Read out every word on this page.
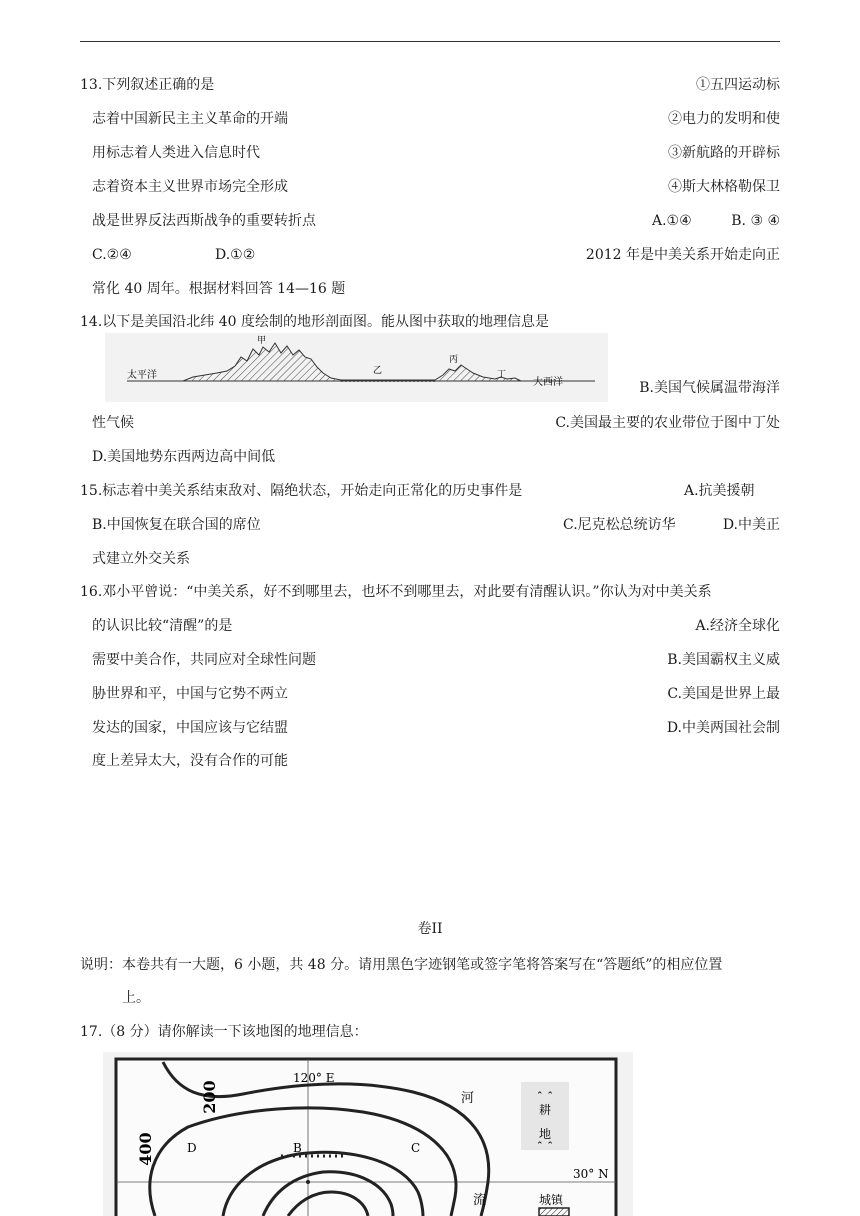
13.下列叙述正确的是	①五四运动标
志着中国新民主主义革命的开端	②电力的发明和使
用标志着人类进入信息时代	③新航路的开辟标
志着资本主义世界市场完全形成	④斯大林格勒保卫
战是世界反法西斯战争的重要转折点	A.①④	B. ③ ④
C.②④	D.①②	2012 年是中美关系开始走向正
常化 40 周年。根据材料回答 14—16 题
14.以下是美国沿北纬 40 度绘制的地形剖面图。能从图中获取的地理信息是
太平洋
大西洋
甲
乙
丙
丁
B.美国气候属温带海洋
性气候	C.美国最主要的农业带位于图中丁处
D.美国地势东西两边高中间低
15.标志着中美关系结束敌对、隔绝状态，开始走向正常化的历史事件是	A.抗美援朝
B.中国恢复在联合国的席位	C.尼克松总统访华	D.中美正
式建立外交关系
16.邓小平曾说：“中美关系，好不到哪里去，也坏不到哪里去，对此要有清醒认识。”你认为对中美关系
的认识比较“清醒”的是	A.经济全球化
需要中美合作，共同应对全球性问题	B.美国霸权主义威
胁世界和平，中国与它势不两立	C.美国是世界上最
发达的国家，中国应该与它结盟	D.中美两国社会制
度上差异太大，没有合作的可能
卷II
说明：本卷共有一大题，6 小题，共 48 分。请用黑色字迹钢笔或签字笔将答案写在“答题纸”的相应位置
上。
17.（8 分）请你解读一下该地图的地理信息：
200
400
120° E
30° N
河
流
B	C
D
⌃ ⌃
耕
地
⌃ ⌃
城镇
